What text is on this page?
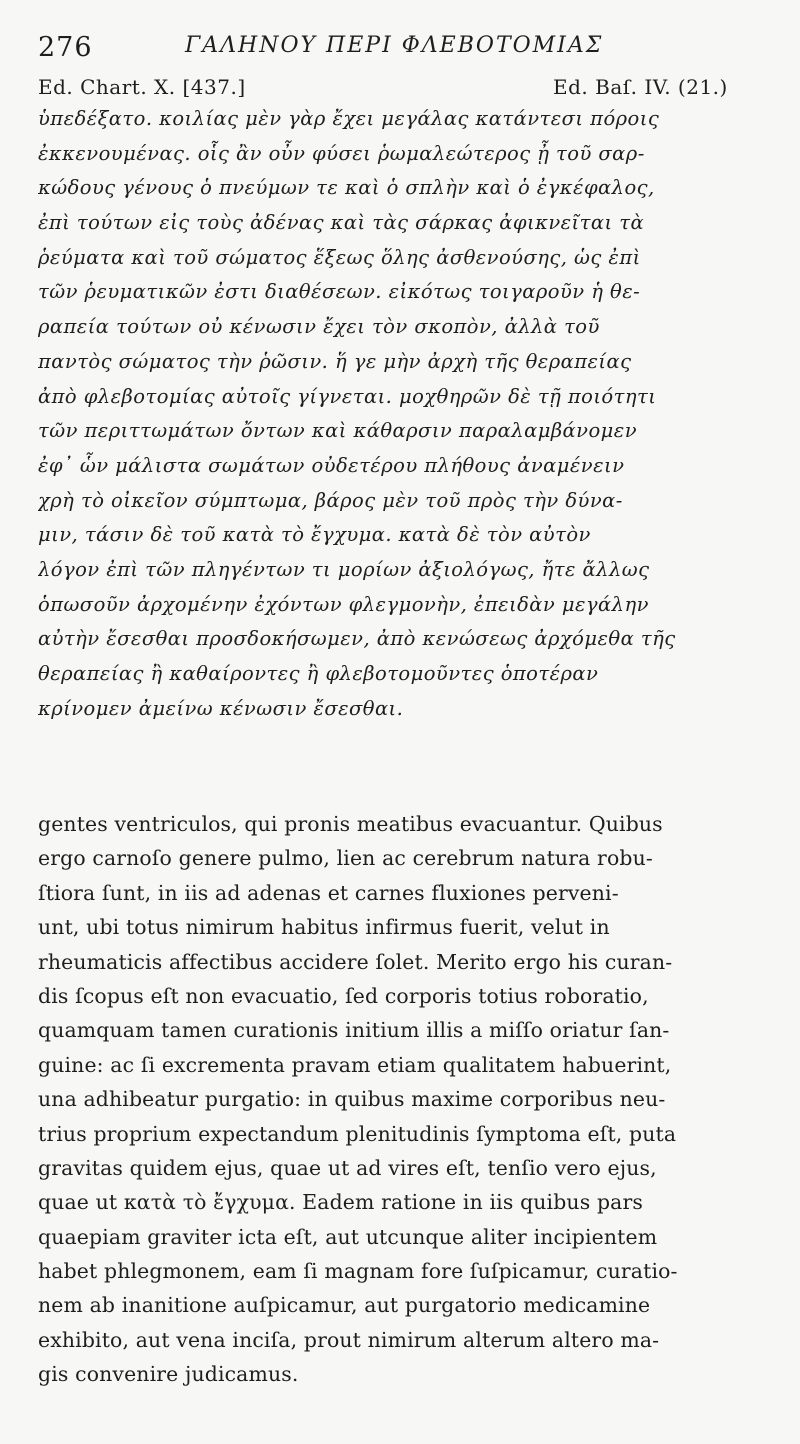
276	ΓΑΛΗΝΟΥ ΠΕΡΙ ΦΛΕΒΟΤΟΜΙΑΣ
Ed. Chart. X. [437.]	Ed. Baſ. IV. (21.)
ὑπεδέξατο. κοιλίας μὲν γὰρ ἔχει μεγάλας κατάντεσι πόροις
ἐκκενουμένας. οἷς ἂν οὖν φύσει ῥωμαλεώτερος ᾖ τοῦ σαρ-
κώδους γένους ὁ πνεύμων τε καὶ ὁ σπλὴν καὶ ὁ ἐγκέφαλος,
ἐπὶ τούτων εἰς τοὺς ἀδένας καὶ τὰς σάρκας ἀφικνεῖται τὰ
ῥεύματα καὶ τοῦ σώματος ἕξεως ὅλης ἀσθενούσης, ὡς ἐπὶ
τῶν ῥευματικῶν ἐστι διαθέσεων. εἰκότως τοιγαροῦν ἡ θε-
ραπεία τούτων οὐ κένωσιν ἔχει τὸν σκοπὸν, ἀλλὰ τοῦ
παντὸς σώματος τὴν ῥῶσιν. ἥ γε μὴν ἀρχὴ τῆς θεραπείας
ἀπὸ φλεβοτομίας αὐτοῖς γίγνεται. μοχθηρῶν δὲ τῇ ποιότητι
τῶν περιττωμάτων ὄντων καὶ κάθαρσιν παραλαμβάνομεν
ἐφ᾽ ὧν μάλιστα σωμάτων οὐδετέρου πλήθους ἀναμένειν
χρὴ τὸ οἰκεῖον σύμπτωμα, βάρος μὲν τοῦ πρὸς τὴν δύνα-
μιν, τάσιν δὲ τοῦ κατὰ τὸ ἔγχυμα. κατὰ δὲ τὸν αὐτὸν
λόγον ἐπὶ τῶν πληγέντων τι μορίων ἀξιολόγως, ἤτε ἄλλως
ὁπωσοῦν ἀρχομένην ἐχόντων φλεγμονὴν, ἐπειδὰν μεγάλην
αὐτὴν ἔσεσθαι προσδοκήσωμεν, ἀπὸ κενώσεως ἀρχόμεθα τῆς
θεραπείας ἢ καθαίροντες ἢ φλεβοτομοῦντες ὁποτέραν
κρίνομεν ἀμείνω κένωσιν ἔσεσθαι.
gentes ventriculos, qui pronis meatibus evacuantur. Quibus
ergo carnoſo genere pulmo, lien ac cerebrum natura robu-
ſtiora ſunt, in iis ad adenas et carnes fluxiones perveni-
unt, ubi totus nimirum habitus infirmus fuerit, velut in
rheumaticis affectibus accidere ſolet. Merito ergo his curan-
dis ſcopus eſt non evacuatio, ſed corporis totius roboratio,
quamquam tamen curationis initium illis a miſſo oriatur ſan-
guine: ac ſi excrementa pravam etiam qualitatem habuerint,
una adhibeatur purgatio: in quibus maxime corporibus neu-
trius proprium expectandum plenitudinis ſymptoma eſt, puta
gravitas quidem ejus, quae ut ad vires eſt, tenſio vero ejus,
quae ut κατὰ τὸ ἔγχυμα. Eadem ratione in iis quibus pars
quaepiam graviter icta eſt, aut utcunque aliter incipientem
habet phlegmonem, eam ſi magnam fore ſuſpicamur, curatio-
nem ab inanitione auſpicamur, aut purgatorio medicamine
exhibito, aut vena inciſa, prout nimirum alterum altero ma-
gis convenire judicamus.
